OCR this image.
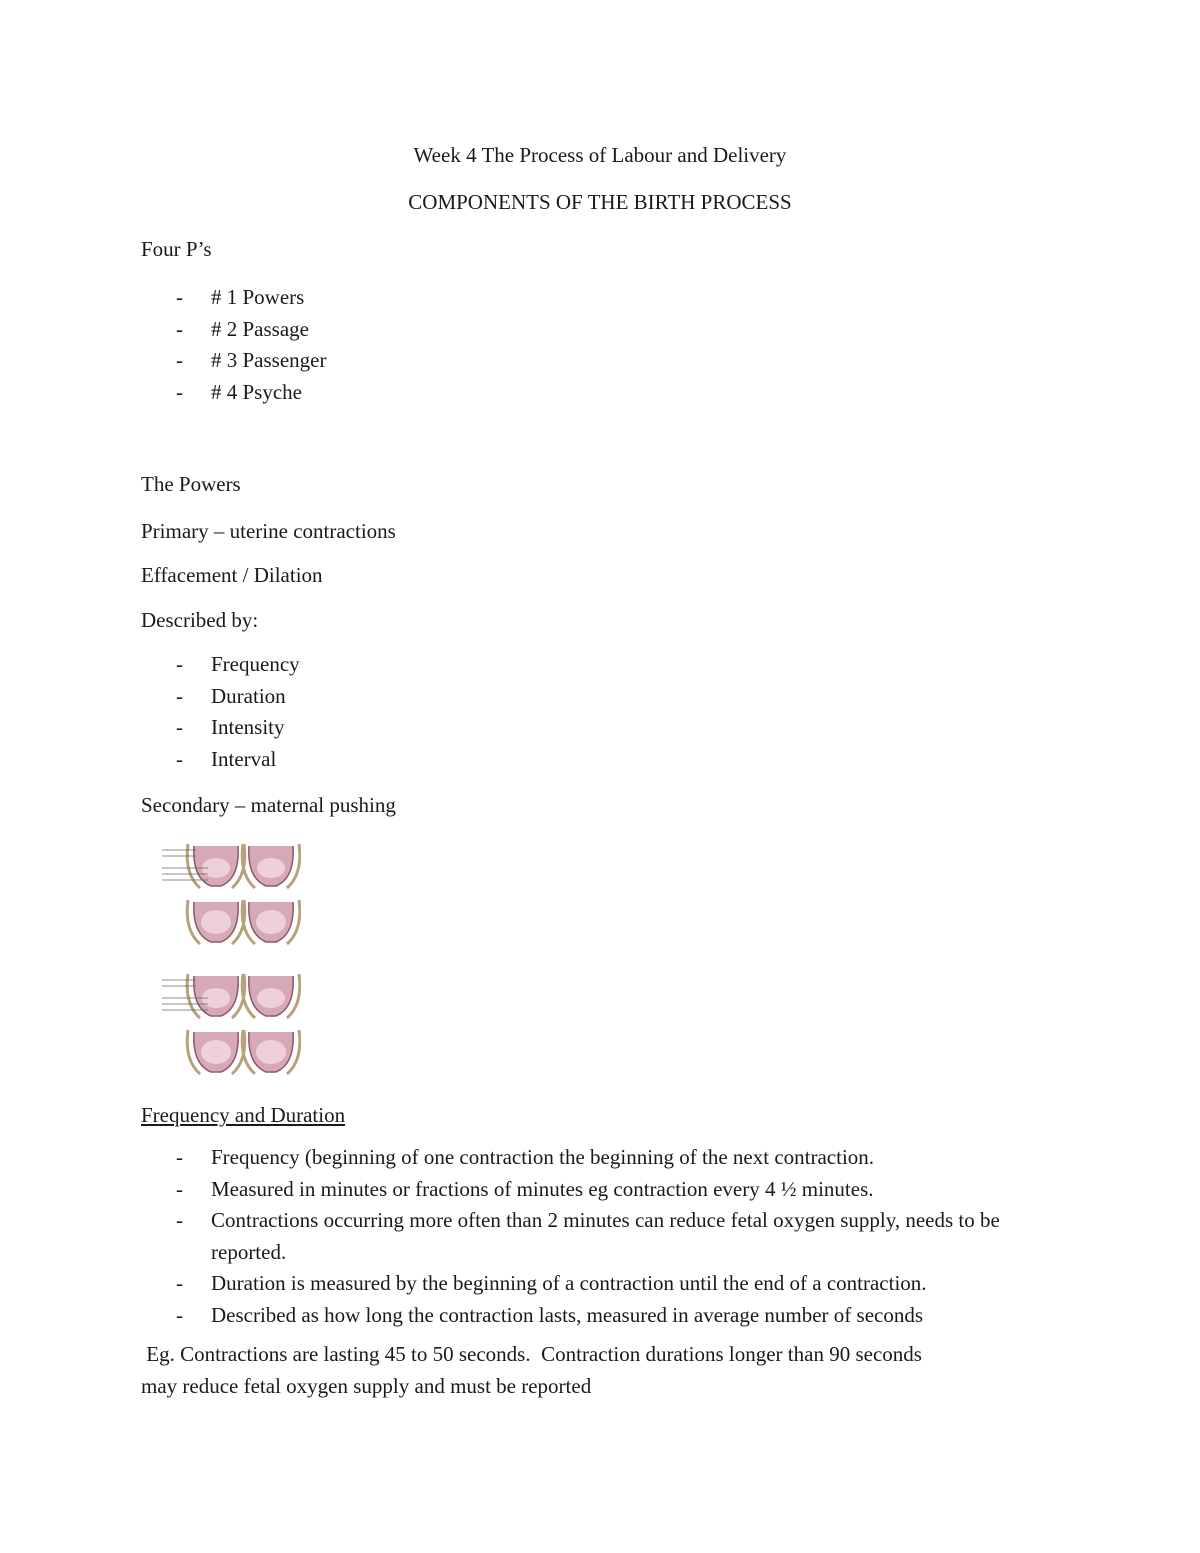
Week 4 The Process of Labour and Delivery
COMPONENTS OF THE BIRTH PROCESS
Four P’s
- # 1 Powers
- # 2 Passage
- # 3 Passenger
- # 4 Psyche
The Powers
Primary – uterine contractions
Effacement / Dilation
Described by:
- Frequency
- Duration
- Intensity
- Interval
Secondary – maternal pushing
Frequency and Duration
- Frequency (beginning of one contraction the beginning of the next contraction.
- Measured in minutes or fractions of minutes eg contraction every 4 ½ minutes.
- Contractions occurring more often than 2 minutes can reduce fetal oxygen supply, needs to be reported.
- Duration is measured by the beginning of a contraction until the end of a contraction.
- Described as how long the contraction lasts, measured in average number of seconds
Eg. Contractions are lasting 45 to 50 seconds.  Contraction durations longer than 90 seconds
may reduce fetal oxygen supply and must be reported
